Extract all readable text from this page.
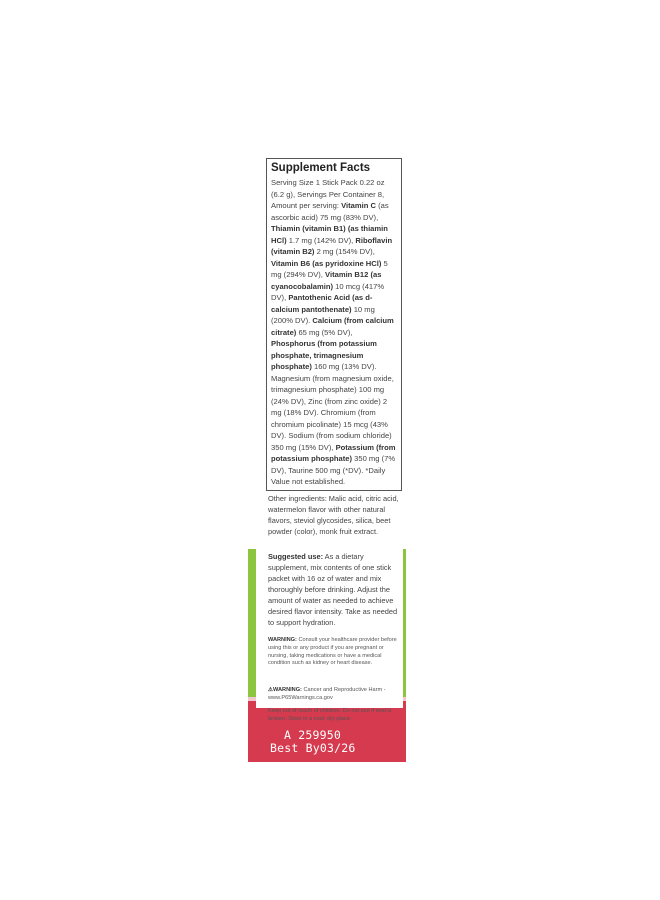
Supplement Facts
Serving Size 1 Stick Pack 0.22 oz (6.2 g), Servings Per Container 8, Amount per serving: Vitamin C (as ascorbic acid) 75 mg (83% DV), Thiamin (vitamin B1) (as thiamin HCl) 1.7 mg (142% DV), Riboflavin (vitamin B2) 2 mg (154% DV), Vitamin B6 (as pyridoxine HCl) 5 mg (294% DV), Vitamin B12 (as cyanocobalamin) 10 mcg (417% DV), Pantothenic Acid (as d-calcium pantothenate) 10 mg (200% DV). Calcium (from calcium citrate) 65 mg (5% DV), Phosphorus (from potassium phosphate, trimagnesium phosphate) 160 mg (13% DV). Magnesium (from magnesium oxide, trimagnesium phosphate) 100 mg (24% DV), Zinc (from zinc oxide) 2 mg (18% DV). Chromium (from chromium picolinate) 15 mcg (43% DV). Sodium (from sodium chloride) 350 mg (15% DV), Potassium (from potassium phosphate) 350 mg (7% DV), Taurine 500 mg (*DV). *Daily Value not established.
Other ingredients: Malic acid, citric acid, watermelon flavor with other natural flavors, steviol glycosides, silica, beet powder (color), monk fruit extract.
Suggested use: As a dietary supplement, mix contents of one stick packet with 16 oz of water and mix thoroughly before drinking. Adjust the amount of water as needed to achieve desired flavor intensity. Take as needed to support hydration.
WARNING: Consult your healthcare provider before using this or any product if you are pregnant or nursing, taking medications or have a medical condition such as kidney or heart disease.
⚠WARNING: Cancer and Reproductive Harm - www.P65Warnings.ca.gov
Keep out of reach of children. Do not use if seal is broken. Store in a cool, dry place.
A 259950
Best By03/26
